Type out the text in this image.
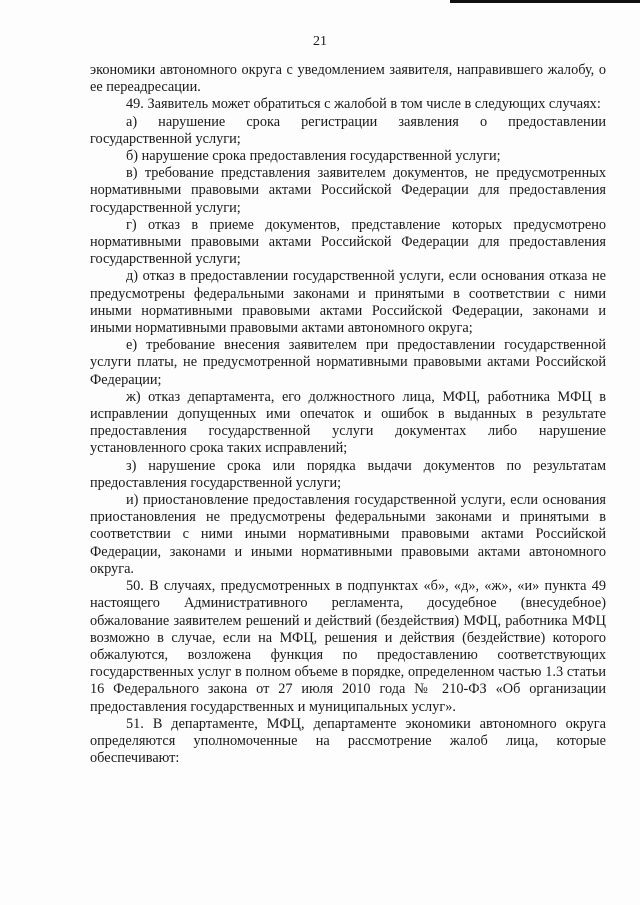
21

экономики автономного округа с уведомлением заявителя, направившего жалобу, о ее переадресации.

49. Заявитель может обратиться с жалобой в том числе в следующих случаях:

а) нарушение срока регистрации заявления о предоставлении государственной услуги;

б) нарушение срока предоставления государственной услуги;

в) требование представления заявителем документов, не предусмотренных нормативными правовыми актами Российской Федерации для предоставления государственной услуги;

г) отказ в приеме документов, представление которых предусмотрено нормативными правовыми актами Российской Федерации для предоставления государственной услуги;

д) отказ в предоставлении государственной услуги, если основания отказа не предусмотрены федеральными законами и принятыми в соответствии с ними иными нормативными правовыми актами Российской Федерации, законами и иными нормативными правовыми актами автономного округа;

е) требование внесения заявителем при предоставлении государственной услуги платы, не предусмотренной нормативными правовыми актами Российской Федерации;

ж) отказ департамента, его должностного лица, МФЦ, работника МФЦ в исправлении допущенных ими опечаток и ошибок в выданных в результате предоставления государственной услуги документах либо нарушение установленного срока таких исправлений;

з) нарушение срока или порядка выдачи документов по результатам предоставления государственной услуги;

и) приостановление предоставления государственной услуги, если основания приостановления не предусмотрены федеральными законами и принятыми в соответствии с ними иными нормативными правовыми актами Российской Федерации, законами и иными нормативными правовыми актами автономного округа.

50. В случаях, предусмотренных в подпунктах «б», «д», «ж», «и» пункта 49 настоящего Административного регламента, досудебное (внесудебное) обжалование заявителем решений и действий (бездействия) МФЦ, работника МФЦ возможно в случае, если на МФЦ, решения и действия (бездействие) которого обжалуются, возложена функция по предоставлению соответствующих государственных услуг в полном объеме в порядке, определенном частью 1.3 статьи 16 Федерального закона от 27 июля 2010 года № 210-ФЗ «Об организации предоставления государственных и муниципальных услуг».

51. В департаменте, МФЦ, департаменте экономики автономного округа определяются уполномоченные на рассмотрение жалоб лица, которые обеспечивают:
